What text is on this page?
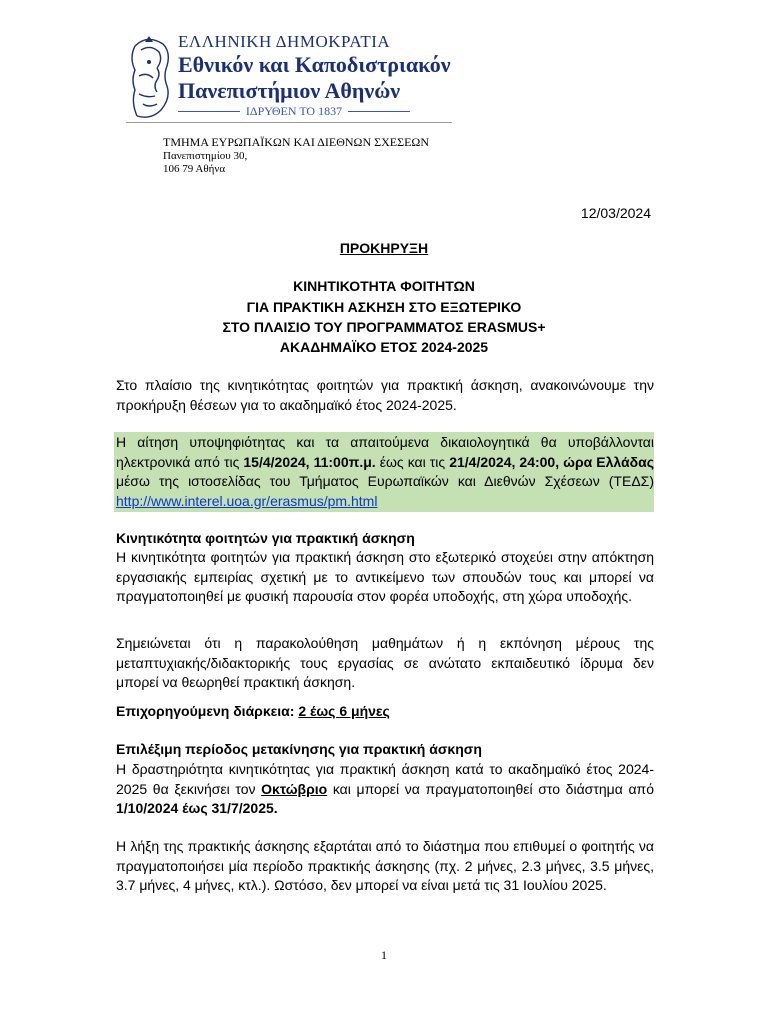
ΕΛΛΗΝΙΚΗ ΔΗΜΟΚΡΑΤΙΑ
Εθνικόν και Καποδιστριακόν
Πανεπιστήμιον Αθηνών
ΙΔΡΥΘΕΝ ΤΟ 1837
ΤΜΗΜΑ ΕΥΡΩΠΑΪΚΩΝ ΚΑΙ ΔΙΕΘΝΩΝ ΣΧΕΣΕΩΝ
Πανεπιστημίου 30,
106 79 Αθήνα
12/03/2024
ΠΡΟΚΗΡΥΞΗ
ΚΙΝΗΤΙΚΟΤΗΤΑ ΦΟΙΤΗΤΩΝ
ΓΙΑ ΠΡΑΚΤΙΚΗ ΑΣΚΗΣΗ ΣΤΟ ΕΞΩΤΕΡΙΚΟ
ΣΤΟ ΠΛΑΙΣΙΟ ΤΟΥ ΠΡΟΓΡΑΜΜΑΤΟΣ ERASMUS+
ΑΚΑΔΗΜΑΪΚΟ ΕΤΟΣ 2024-2025
Στο πλαίσιο της κινητικότητας φοιτητών για πρακτική άσκηση, ανακοινώνουμε την προκήρυξη θέσεων για το ακαδημαϊκό έτος 2024-2025.
Η αίτηση υποψηφιότητας και τα απαιτούμενα δικαιολογητικά θα υποβάλλονται ηλεκτρονικά από τις 15/4/2024, 11:00π.μ. έως και τις 21/4/2024, 24:00, ώρα Ελλάδας μέσω της ιστοσελίδας του Τμήματος Ευρωπαϊκών και Διεθνών Σχέσεων (ΤΕΔΣ) http://www.interel.uoa.gr/erasmus/pm.html
Κινητικότητα φοιτητών για πρακτική άσκηση
Η κινητικότητα φοιτητών για πρακτική άσκηση στο εξωτερικό στοχεύει στην απόκτηση εργασιακής εμπειρίας σχετική με το αντικείμενο των σπουδών τους και μπορεί να πραγματοποιηθεί με φυσική παρουσία στον φορέα υποδοχής, στη χώρα υποδοχής.
Σημειώνεται ότι η παρακολούθηση μαθημάτων ή η εκπόνηση μέρους της μεταπτυχιακής/διδακτορικής τους εργασίας σε ανώτατο εκπαιδευτικό ίδρυμα δεν μπορεί να θεωρηθεί πρακτική άσκηση.
Επιχορηγούμενη διάρκεια: 2 έως 6 μήνες
Επιλέξιμη περίοδος μετακίνησης για πρακτική άσκηση
Η δραστηριότητα κινητικότητας για πρακτική άσκηση κατά το ακαδημαϊκό έτος 2024-2025 θα ξεκινήσει τον Οκτώβριο και μπορεί να πραγματοποιηθεί στο διάστημα από 1/10/2024 έως 31/7/2025.
Η λήξη της πρακτικής άσκησης εξαρτάται από το διάστημα που επιθυμεί ο φοιτητής να πραγματοποιήσει μία περίοδο πρακτικής άσκησης (πχ. 2 μήνες, 2.3 μήνες, 3.5 μήνες, 3.7 μήνες, 4 μήνες, κτλ.). Ωστόσο, δεν μπορεί να είναι μετά τις 31 Ιουλίου 2025.
1
